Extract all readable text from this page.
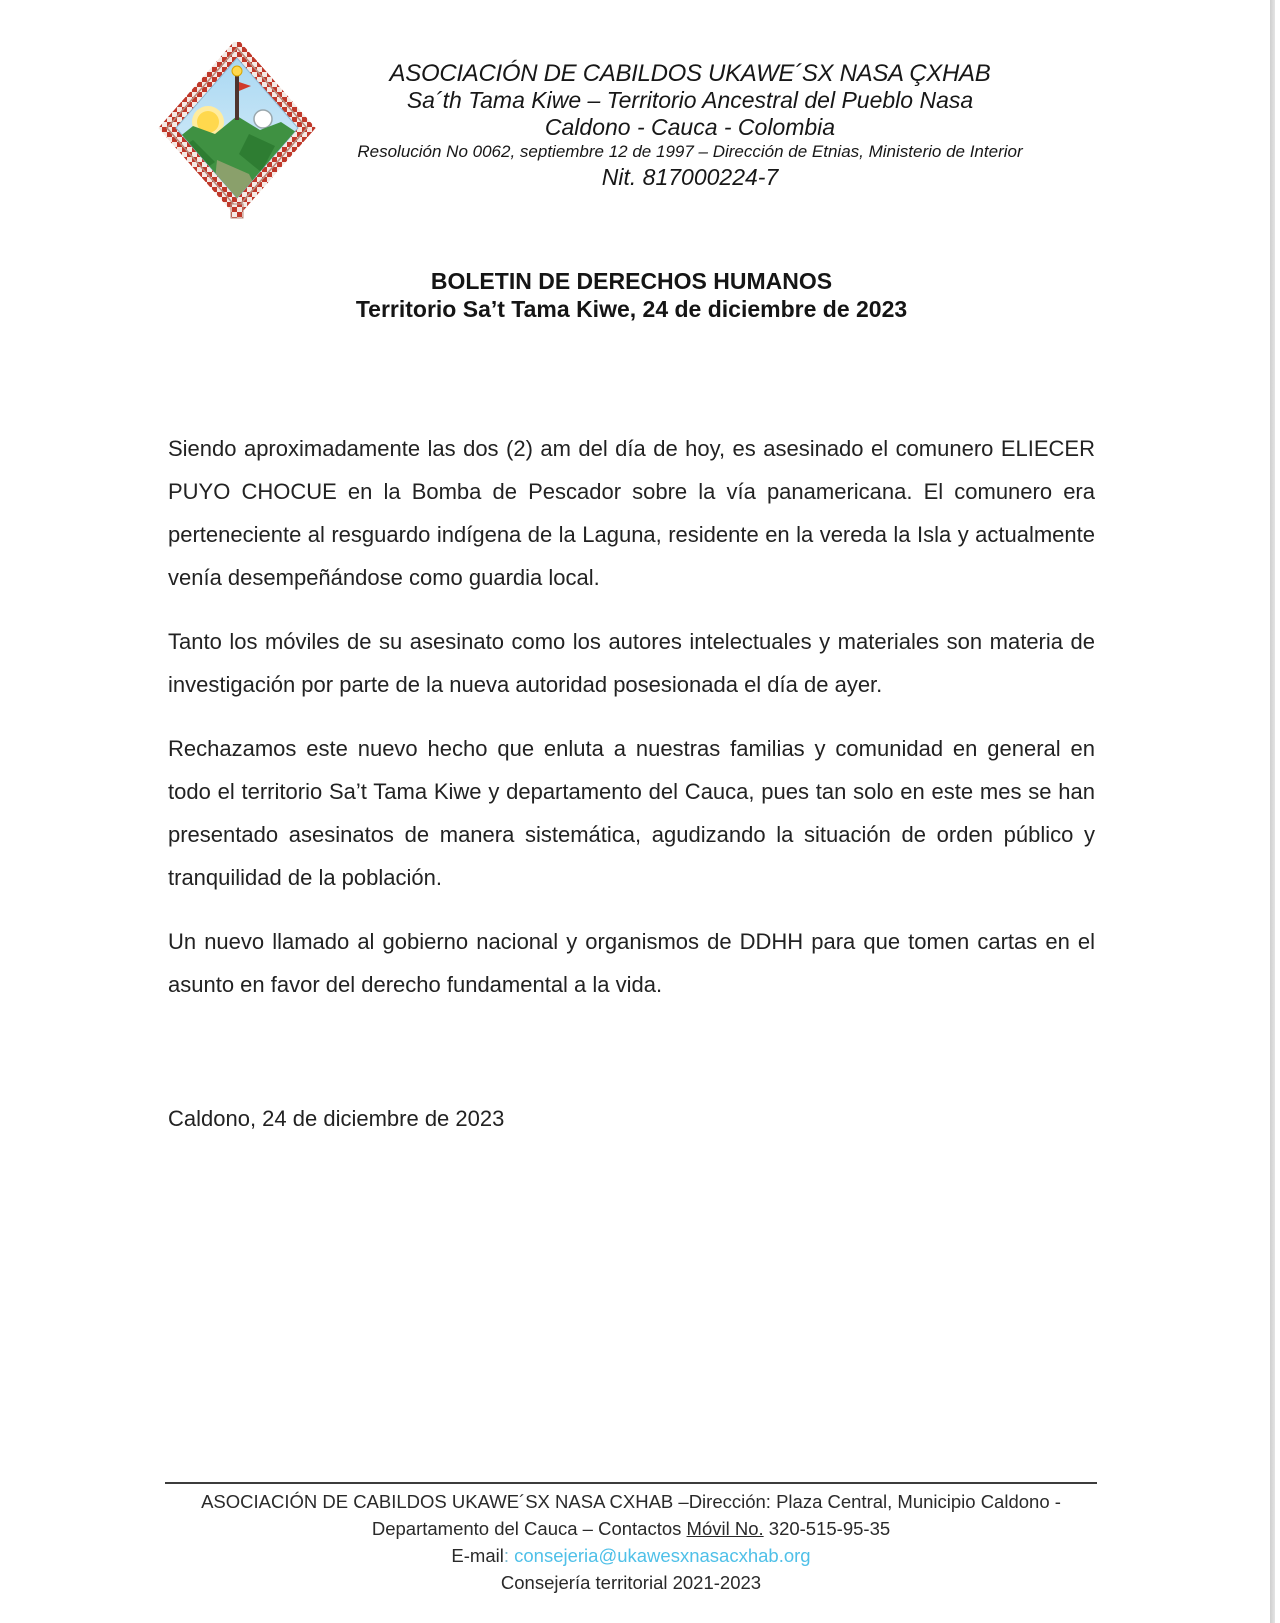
ASOCIACIÓN DE CABILDOS UKAWE´SX NASA ÇXHAB
Sa´th Tama Kiwe – Territorio Ancestral del Pueblo Nasa
Caldono - Cauca - Colombia
Resolución No 0062, septiembre 12 de 1997 – Dirección de Etnias, Ministerio de Interior
Nit. 817000224-7
BOLETIN DE DERECHOS HUMANOS
Territorio Sa’t Tama Kiwe, 24 de diciembre de 2023

Siendo aproximadamente las dos (2) am del día de hoy, es asesinado el comunero ELIECER PUYO CHOCUE en la Bomba de Pescador sobre la vía panamericana. El comunero era perteneciente al resguardo indígena de la Laguna, residente en la vereda la Isla y actualmente venía desempeñándose como guardia local.

Tanto los móviles de su asesinato como los autores intelectuales y materiales son materia de investigación por parte de la nueva autoridad posesionada el día de ayer.

Rechazamos este nuevo hecho que enluta a nuestras familias y comunidad en general en todo el territorio Sa’t Tama Kiwe y departamento del Cauca, pues tan solo en este mes se han presentado asesinatos de manera sistemática, agudizando la situación de orden público y tranquilidad de la población.

Un nuevo llamado al gobierno nacional y organismos de DDHH para que tomen cartas en el asunto en favor del derecho fundamental a la vida.

Caldono, 24 de diciembre de 2023
ASOCIACIÓN DE CABILDOS UKAWE´SX NASA CXHAB –Dirección: Plaza Central, Municipio Caldono -
Departamento del Cauca – Contactos Móvil No. 320-515-95-35
E-mail: consejeria@ukawesxnasacxhab.org
Consejería territorial 2021-2023
